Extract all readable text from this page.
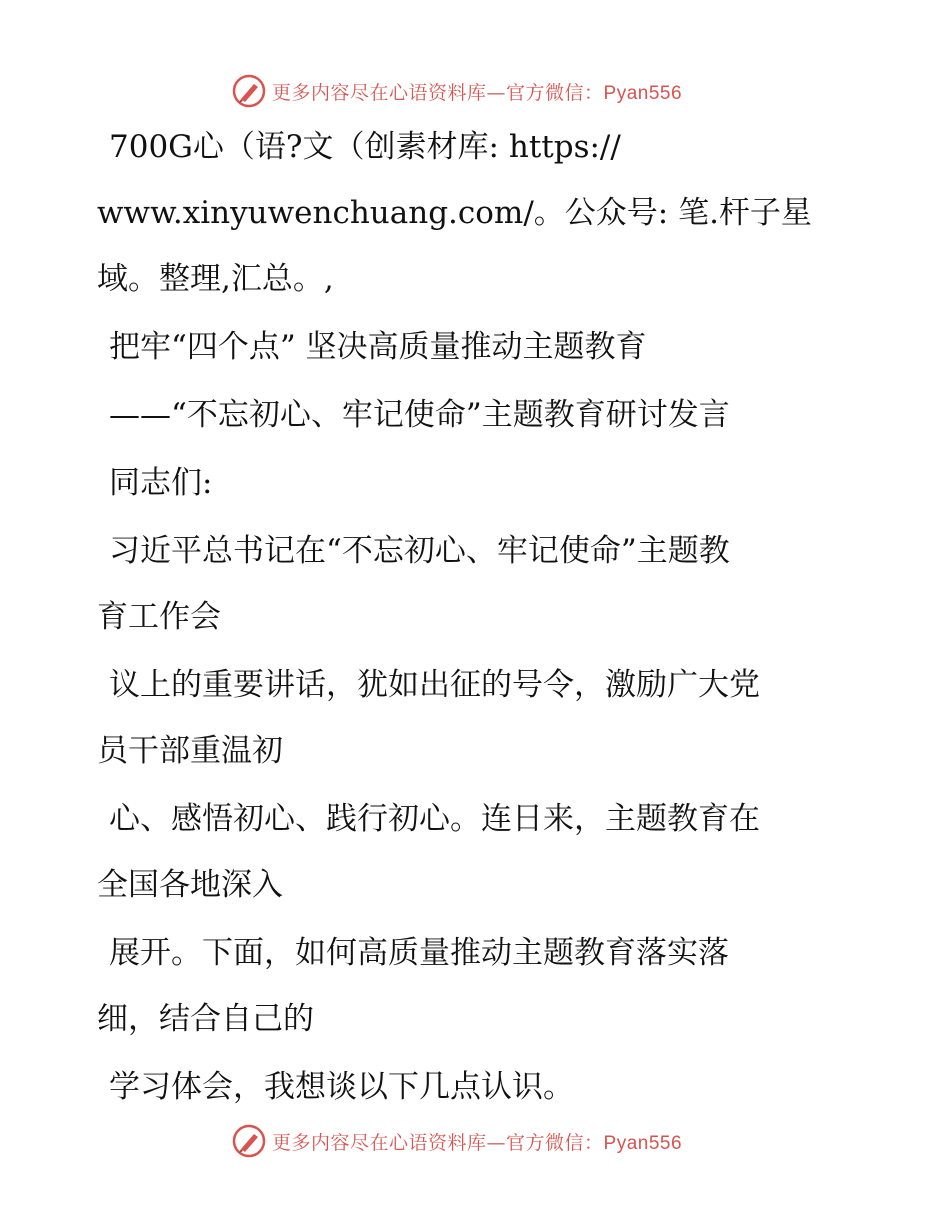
更多内容尽在心语资料库—官方微信：Pyan556
700G心（语?文（创素材库: https://
www.xinyuwenchuang.com/。公众号: 笔.杆子星
域。整理,汇总。,
把牢“四个点” 坚决高质量推动主题教育
——“不忘初心、牢记使命”主题教育研讨发言
同志们:
习近平总书记在“不忘初心、牢记使命”主题教
育工作会
议上的重要讲话，犹如出征的号令，激励广大党
员干部重温初
心、感悟初心、践行初心。连日来，主题教育在
全国各地深入
展开。下面，如何高质量推动主题教育落实落
细，结合自己的
学习体会，我想谈以下几点认识。
更多内容尽在心语资料库—官方微信：Pyan556
